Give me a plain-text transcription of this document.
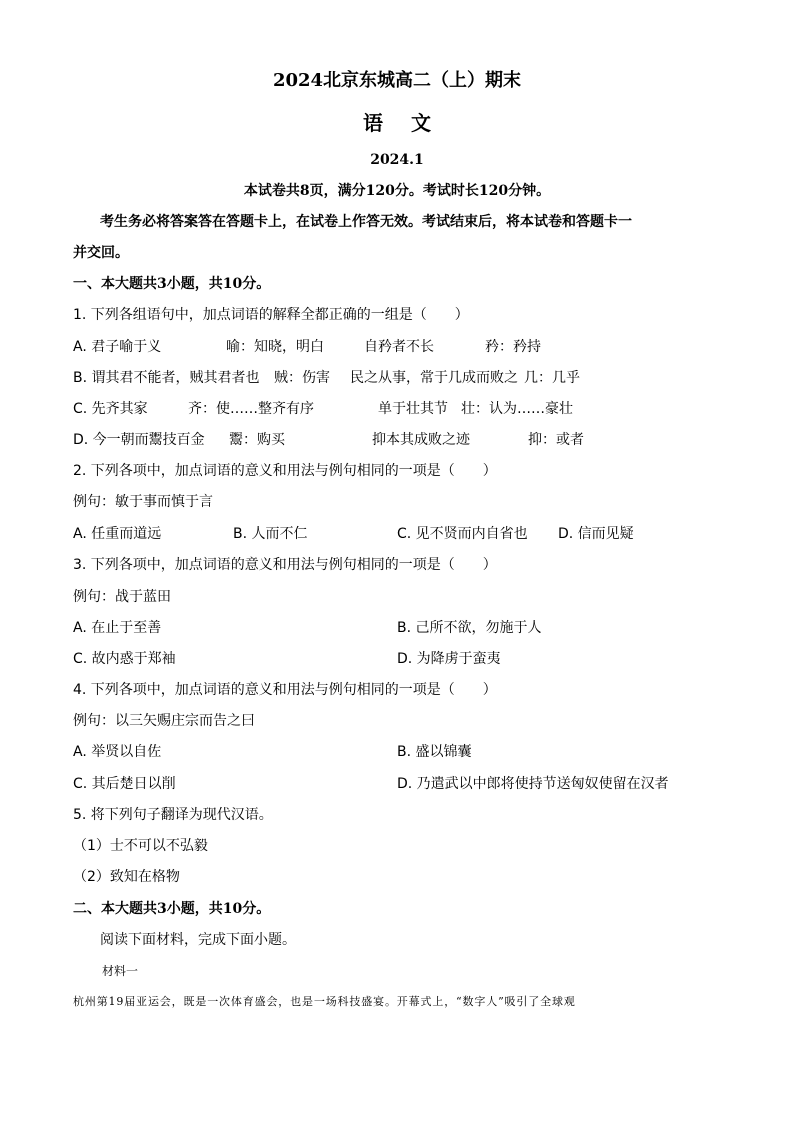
2024北京东城高二（上）期末
语文
2024.1
本试卷共8页，满分120分。考试时长120分钟。
考生务必将答案答在答题卡上，在试卷上作答无效。考试结束后，将本试卷和答题卡一
并交回。
一、本大题共3小题，共10分。
1. 下列各组语句中，加点词语的解释全都正确的一组是（　　）
A. 君子喻于义	喻：知晓，明白	自矜者不长	矜：矜持
B. 谓其君不能者，贼其君者也 贼：伤害 民之从事，常于几成而败之 几：几乎
C. 先齐其家	齐：使……整齐有序	单于壮其节 壮：认为……豪壮
D. 今一朝而鬻技百金 鬻：购买	抑本其成败之迹	抑：或者
2. 下列各项中，加点词语的意义和用法与例句相同的一项是（　　）
例句：敏于事而慎于言
A. 任重而道远	B. 人而不仁	C. 见不贤而内自省也 D. 信而见疑
3. 下列各项中，加点词语的意义和用法与例句相同的一项是（　　）
例句：战于蓝田
A. 在止于至善	B. 己所不欲，勿施于人
C. 故内惑于郑袖	D. 为降虏于蛮夷
4. 下列各项中，加点词语的意义和用法与例句相同的一项是（　　）
例句：以三矢赐庄宗而告之曰
A. 举贤以自佐	B. 盛以锦囊
C. 其后楚日以削	D. 乃遣武以中郎将使持节送匈奴使留在汉者
5. 将下列句子翻译为现代汉语。
（1）士不可以不弘毅
（2）致知在格物
二、本大题共3小题，共10分。
阅读下面材料，完成下面小题。
材料一
杭州第19届亚运会，既是一次体育盛会，也是一场科技盛宴。开幕式上，“数字人”吸引了全球观
